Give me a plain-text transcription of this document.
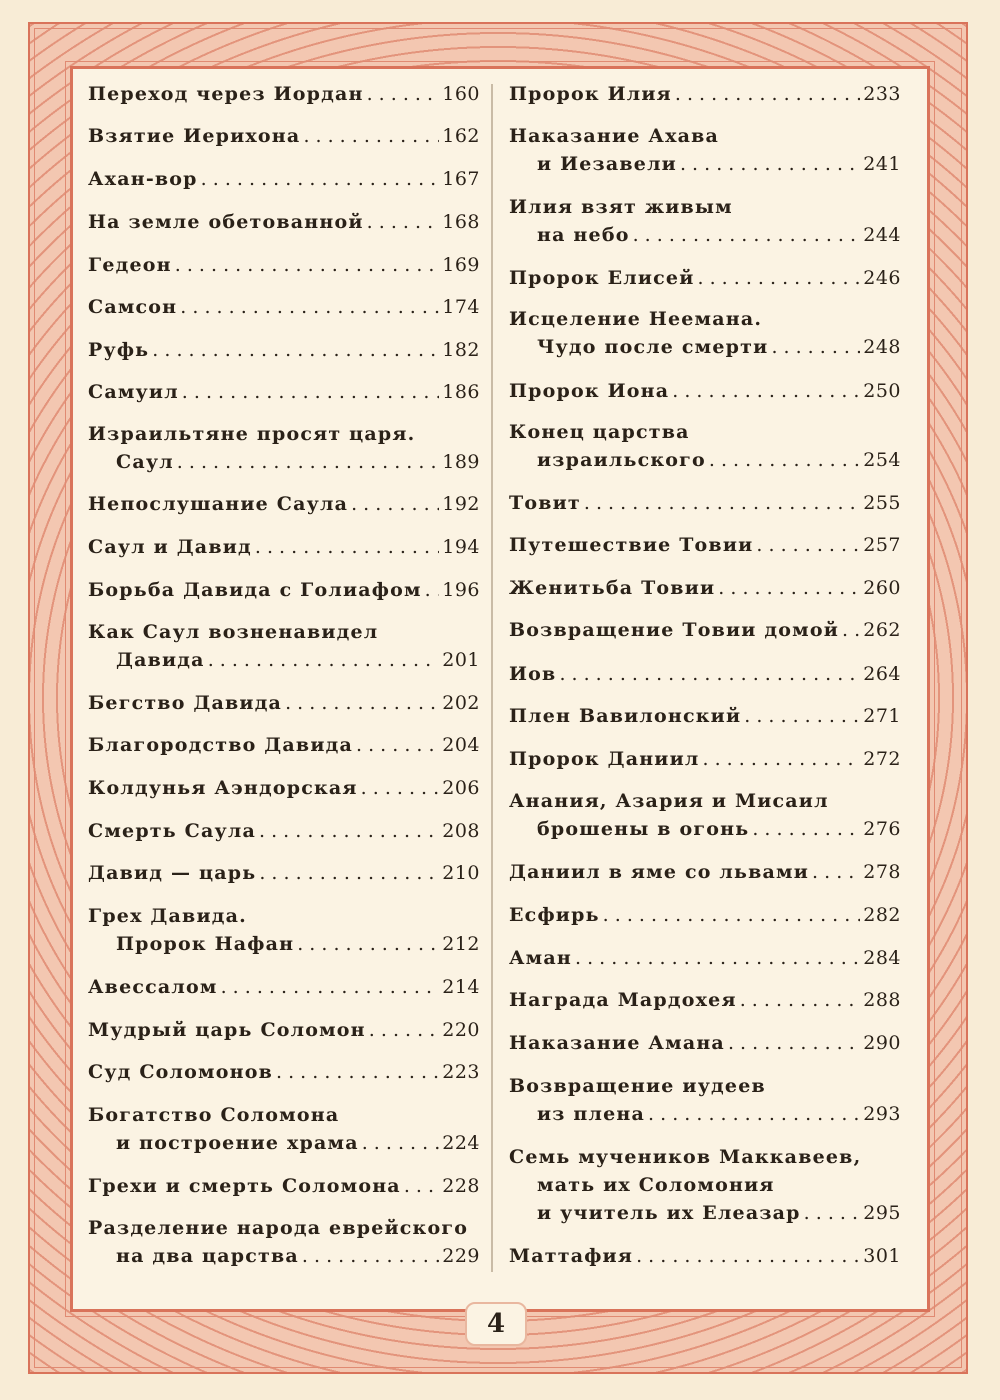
Переход через Иордан . . .	160
Взятие Иерихона . . .	162
Ахан-вор . . .	167
На земле обетованной . . .	168
Гедеон . . .	169
Самсон . . .	174
Руфь . . .	182
Самуил . . .	186
Израильтяне просят царя.
Саул . . .	189
Непослушание Саула . . .	192
Саул и Давид . . .	194
Борьба Давида с Голиафом . . . 196
Как Саул возненавидел
Давида . . .	201
Бегство Давида . . .	202
Благородство Давида . . .	204
Колдунья Аэндорская . . .	206
Смерть Саула . . .	208
Давид — царь . . .	210
Грех Давида.
Пророк Нафан . . .	212
Авессалом . . .	214
Мудрый царь Соломон . . .	220
Суд Соломонов . . .	223
Богатство Соломона
и построение храма . . .	224
Грехи и смерть Соломона . . . 228
Разделение народа еврейского
на два царства . . .	229
Пророк Илия . . .	233
Наказание Ахава
и Иезавели . . .	241
Илия взят живым
на небо . . .	244
Пророк Елисей . . .	246
Исцеление Неемана.
Чудо после смерти . . .	248
Пророк Иона . . .	250
Конец царства
израильского . . .	254
Товит . . .	255
Путешествие Товии . . .	257
Женитьба Товии . . .	260
Возвращение Товии домой . . . 262
Иов . . .	264
Плен Вавилонский . . .	271
Пророк Даниил . . .	272
Анания, Азария и Мисаил
брошены в огонь . . .	276
Даниил в яме со львами . . .	278
Есфирь . . .	282
Аман . . .	284
Награда Мардохея . . .	288
Наказание Амана . . .	290
Возвращение иудеев
из плена . . .	293
Семь мучеников Маккавеев,
мать их Соломония
и учитель их Елеазар . . .	295
Маттафия . . .	301
4
